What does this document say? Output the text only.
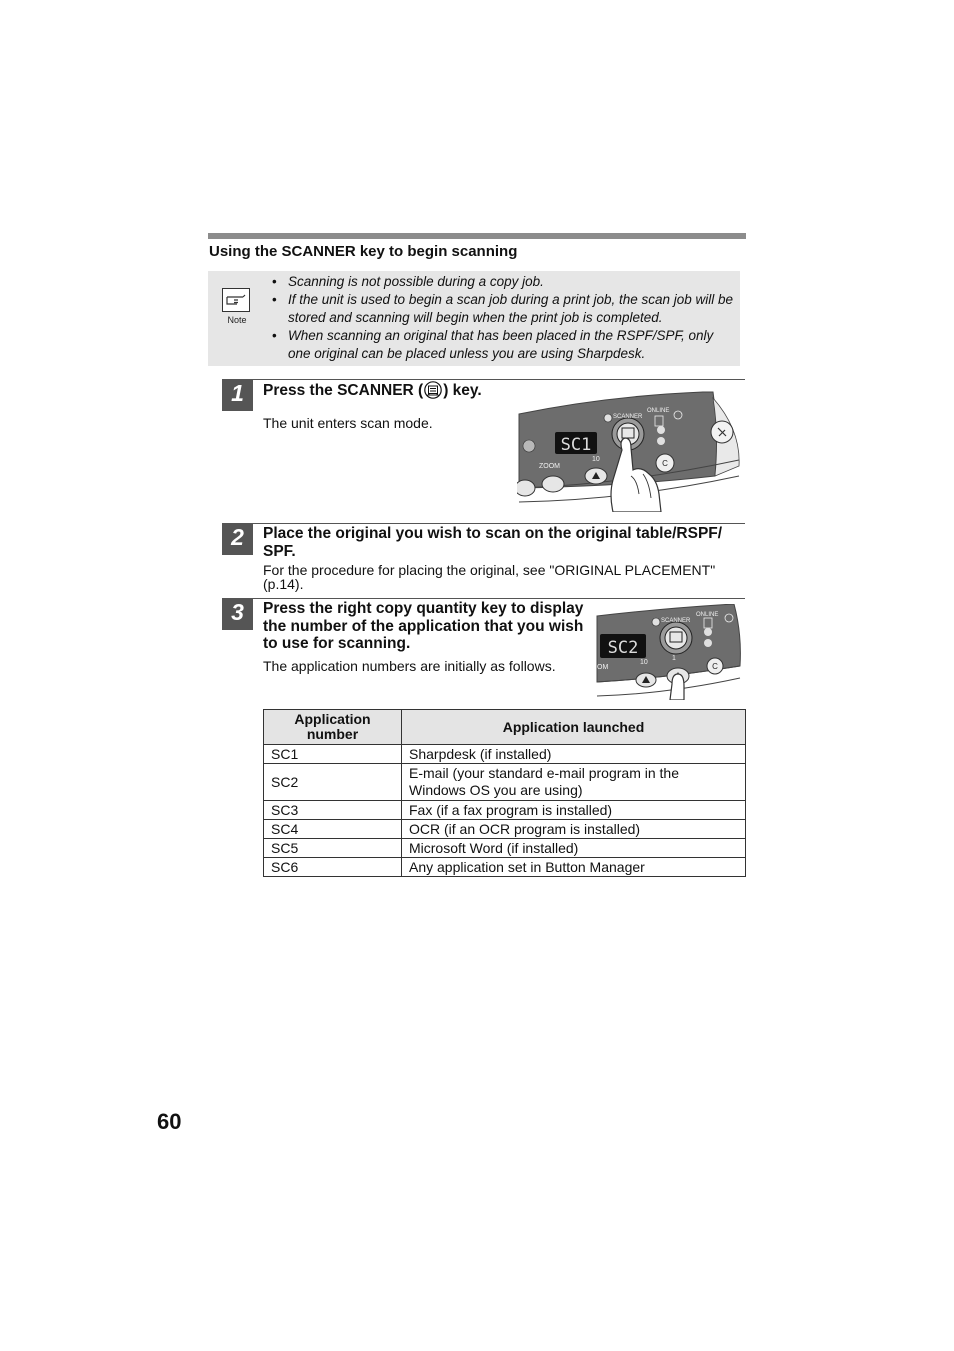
Using the SCANNER key to begin scanning
Note
• Scanning is not possible during a copy job.
• If the unit is used to begin a scan job during a print job, the scan job will be stored and scanning will begin when the print job is completed.
• When scanning an original that has been placed in the RSPF/SPF, only one original can be placed unless you are using Sharpdesk.
1	Press the SCANNER ( ) key.

The unit enters scan mode.

SC1
SCANNER
ONLINE
ZOOM
10	C
2	Place the original you wish to scan on the original table/RSPF/ SPF.

For the procedure for placing the original, see "ORIGINAL PLACEMENT" (p.14).

3	Press the right copy quantity key to display the number of the application that you wish to use for scanning.

The application numbers are initially as follows.

SC2
SCANNER
ONLINE
OM
10
1
C
Application number	Application launched
SC1	Sharpdesk (if installed)
SC2	E-mail (your standard e-mail program in the Windows OS you are using)
SC3	Fax (if a fax program is installed)
SC4	OCR (if an OCR program is installed)
SC5	Microsoft Word (if installed)
SC6	Any application set in Button Manager

60
